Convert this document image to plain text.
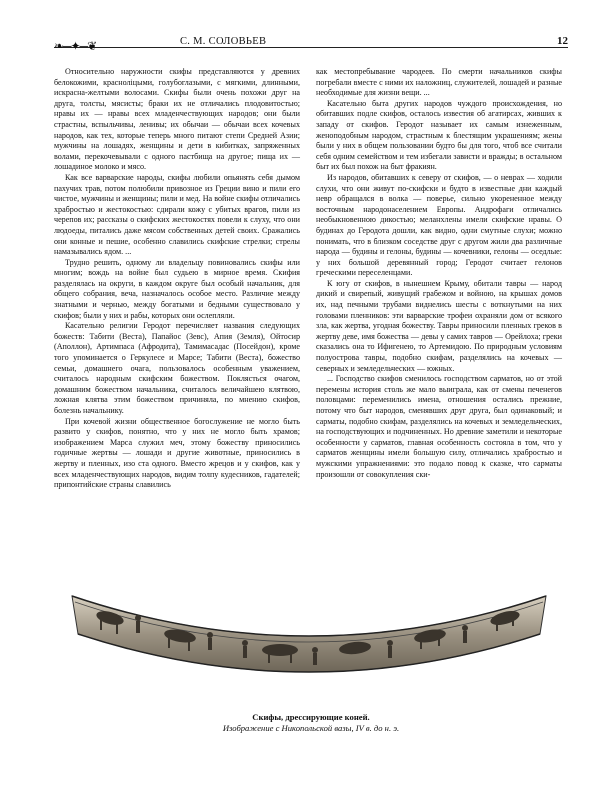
❧─✦─❦	С. М. СОЛОВЬЕВ	12

Относительно наружности скифы представляются у древних белокожими, красноліцыми, голубоглазыми, с мягкими, длинными, искрасна-желтыми волосами. Скифы были очень похожи друг на друга, толсты, мясисты; браки их не отличались плодовитостью; нравы их — нравы всех младенчествующих народов; они были страстны, вспыльчивы, ленивы; их обычаи — обычаи всех кочевых народов, как тех, которые теперь много питают степи Средней Азии; мужчины на лошадях, женщины и дети в кибитках, запряженных волами, перекочевывали с одного пастбища на другое; пища их — лошадиное молоко и мясо.

Как все варварские народы, скифы любили опьянять себя дымом пахучих трав, потом полюбили привозное из Греции вино и пили его чистое, мужчины и женщины; пили и мед. На войне скифы отличались храбростью и жестокостью: сдирали кожу с убитых врагов, пили из черепов их; рассказы о скифских жестокостях повели к слуху, что они людоеды, питались даже мясом собственных детей своих. Сражались они конные и пешие, особенно славились скифские стрелки; стрелы намазывались ядом. ...

Трудно решить, одному ли владельцу повиновались скифы или многим; вождь на войне был судьею в мирное время. Скифия разделялась на округи, в каждом округе был особый начальник, для общего собрания, веча, назначалось особое место. Различие между знатными и чернью, между богатыми и бедными существовало у скифов; были у них и рабы, которых они ослепляли.

Касательно религии Геродот перечисляет названия следующих божеств: Табити (Веста), Папайос (Зевс), Апия (Земля), Ойтосир (Аполлон), Артимпаса (Афродита), Тамимасадас (Посейдон), кроме того упоминается о Геркулесе и Марсе; Табити (Веста), божество семьи, домашнего очага, пользовалось особенным уважением, считалось народным скифским божеством. Поклясться очагом, домашним божеством начальника, считалось величайшею клятвою, ложная клятва этим божеством причиняла, по мнению скифов, болезнь начальнику.

При кочевой жизни общественное богослужение не могло быть развито у скифов, понятно, что у них не могло быть храмов; изображением Марса служил меч, этому божеству приносились годичные жертвы — лошади и другие животные, приносились в жертву и пленных, изо ста одного. Вместо жрецов и у скифов, как у всех младенчествующих народов, видим толпу кудесников, гадателей; припонтийские страны славились

как местопребывание чародеев. По смерти начальников скифы погребали вместе с ними их наложниц, служителей, лошадей и разные необходимые для жизни вещи. ...

Касательно быта других народов чуждого происхождения, но обитавших подле скифов, осталось известия об агатирсах, живших к западу от скифов. Геродот называет их самым изнеженным, женоподобным народом, страстным к блестящим украшениям; жены были у них в общем пользовании будто бы для того, чтоб все считали себя одним семейством и тем избегали зависти и вражды; в остальном быт их был похож на быт фракиян.

Из народов, обитавших к северу от скифов, — о неврах — ходили слухи, что они живут по-скифски и будто в известные дни каждый невр обращался в волка — поверье, сильно укорененное между восточным народонаселением Европы. Андрофаги отличались необыкновенною дикостью; меланхлены имели скифские нравы. О будинах до Геродота дошли, как видно, одни смутные слухи; можно понимать, что в близком соседстве друг с другом жили два различные народа — будины и гелоны, будины — кочевники, гелоны — оседлые: у них большой деревянный город; Геродот считает гелонов греческими переселенцами.

К югу от скифов, в нынешнем Крыму, обитали тавры — народ дикий и свирепый, живущий грабежом и войною, на крышах домов их, над печными трубами виднелись шесты с воткнутыми на них головами пленников: эти варварские трофеи охраняли дом от всякого зла, как жертва, угодная божеству. Тавры приносили пленных греков в жертву деве, имя божества — девы у самих тавров — Орейлоха; греки сказались она то Ифигенею, то Артемидою. По природным условиям полуострова тавры, подобно скифам, разделялись на кочевых — северных и земледельческих — южных.

... Господство скифов сменилось господством сарматов, но от этой перемены история столь же мало выиграла, как от смены печенегов половцами: переменились имена, отношения остались прежние, потому что быт народов, сменявших друг друга, был одинаковый; и сарматы, подобно скифам, разделялись на кочевых и земледельческих, на господствующих и подчиненных. Но древние заметили и некоторые особенности у сарматов, главная особенность состояла в том, что у сарматов женщины имели большую силу, отличались храбростью и мужскими упражнениями: это подало повод к сказке, что сарматы произошли от совокупления ски-

Скифы, дрессирующие коней.
Изображение с Никопольской вазы, IV в. до н. э.
